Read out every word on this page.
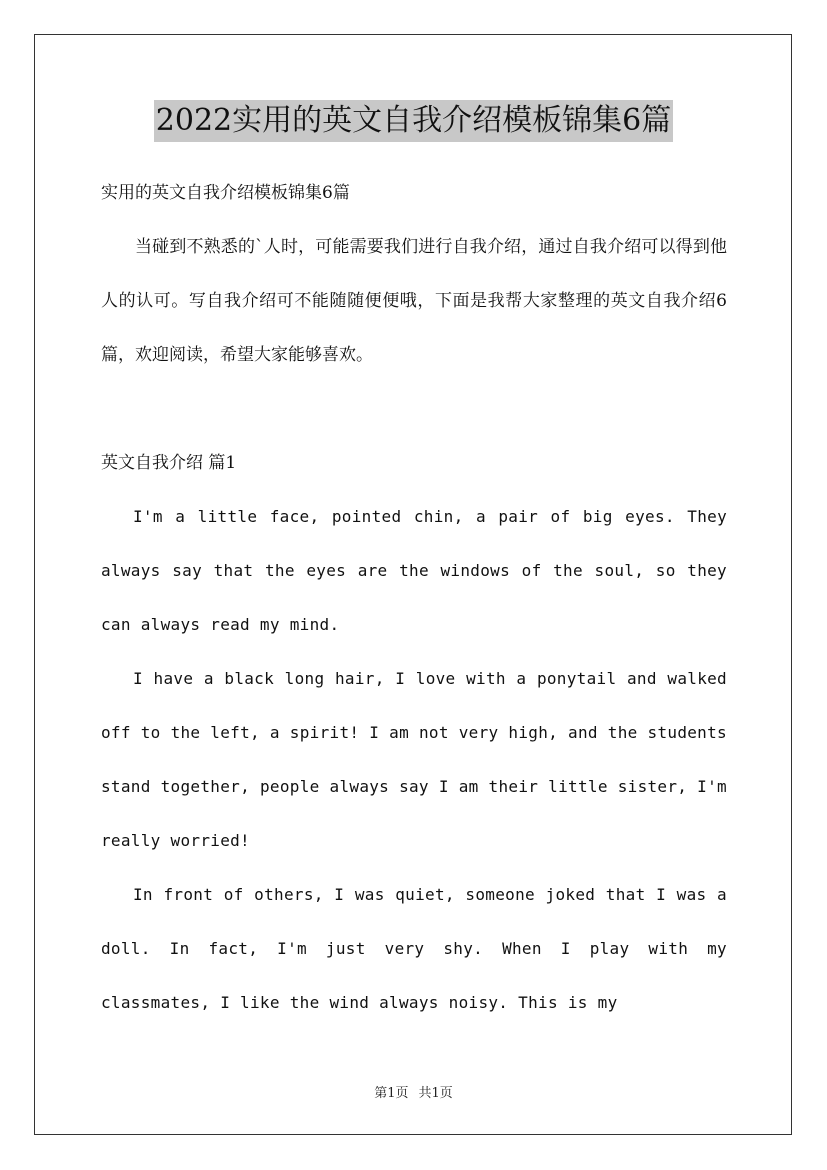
2022实用的英文自我介绍模板锦集6篇

实用的英文自我介绍模板锦集6篇

当碰到不熟悉的`人时，可能需要我们进行自我介绍，通过自我介绍可以得到他人的认可。写自我介绍可不能随随便便哦，下面是我帮大家整理的英文自我介绍6篇，欢迎阅读，希望大家能够喜欢。

英文自我介绍 篇1

I'm a little face, pointed chin, a pair of big eyes. They always say that the eyes are the windows of the soul, so they can always read my mind.

I have a black long hair, I love with a ponytail and walked off to the left, a spirit! I am not very high, and the students stand together, people always say I am their little sister, I'm really worried!

In front of others, I was quiet, someone joked that I was a doll. In fact, I'm just very shy. When I play with my classmates, I like the wind always noisy. This is my

第1页 共1页
